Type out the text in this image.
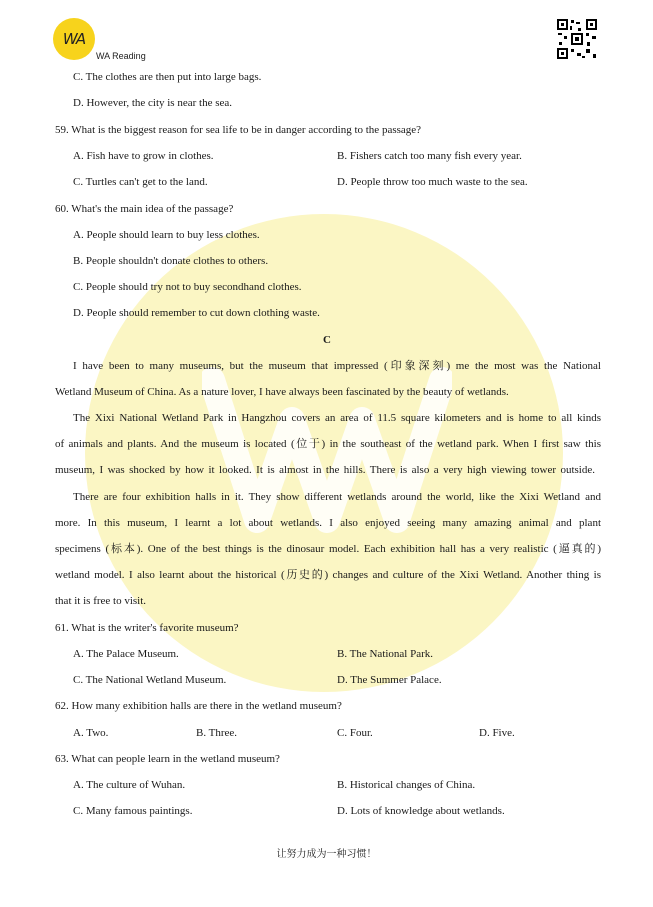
WA
WA Reading
C. The clothes are then put into large bags.
D. However, the city is near the sea.
59. What is the biggest reason for sea life to be in danger according to the passage?
A. Fish have to grow in clothes.	B. Fishers catch too many fish every year.
C. Turtles can't get to the land.	D. People throw too much waste to the sea.
60. What's the main idea of the passage?
A. People should learn to buy less clothes.
B. People shouldn't donate clothes to others.
C. People should try not to buy secondhand clothes.
D. People should remember to cut down clothing waste.
C
I have been to many museums, but the museum that impressed (印象深刻) me the most was the National
Wetland Museum of China. As a nature lover, I have always been fascinated by the beauty of wetlands.
The Xixi National Wetland Park in Hangzhou covers an area of 11.5 square kilometers and is home to all kinds
of animals and plants. And the museum is located (位于) in the southeast of the wetland park. When I first saw this
museum, I was shocked by how it looked. It is almost in the hills. There is also a very high viewing tower outside.
There are four exhibition halls in it. They show different wetlands around the world, like the Xixi Wetland and
more. In this museum, I learnt a lot about wetlands. I also enjoyed seeing many amazing animal and plant
specimens (标本). One of the best things is the dinosaur model. Each exhibition hall has a very realistic (逼真的)
wetland model. I also learnt about the historical (历史的) changes and culture of the Xixi Wetland. Another thing is
that it is free to visit.
61. What is the writer's favorite museum?
A. The Palace Museum.	B. The National Park.
C. The National Wetland Museum.	D. The Summer Palace.
62. How many exhibition halls are there in the wetland museum?
A. Two.	B. Three.	C. Four.	D. Five.
63. What can people learn in the wetland museum?
A. The culture of Wuhan.	B. Historical changes of China.
C. Many famous paintings.	D. Lots of knowledge about wetlands.
让努力成为一种习惯！
